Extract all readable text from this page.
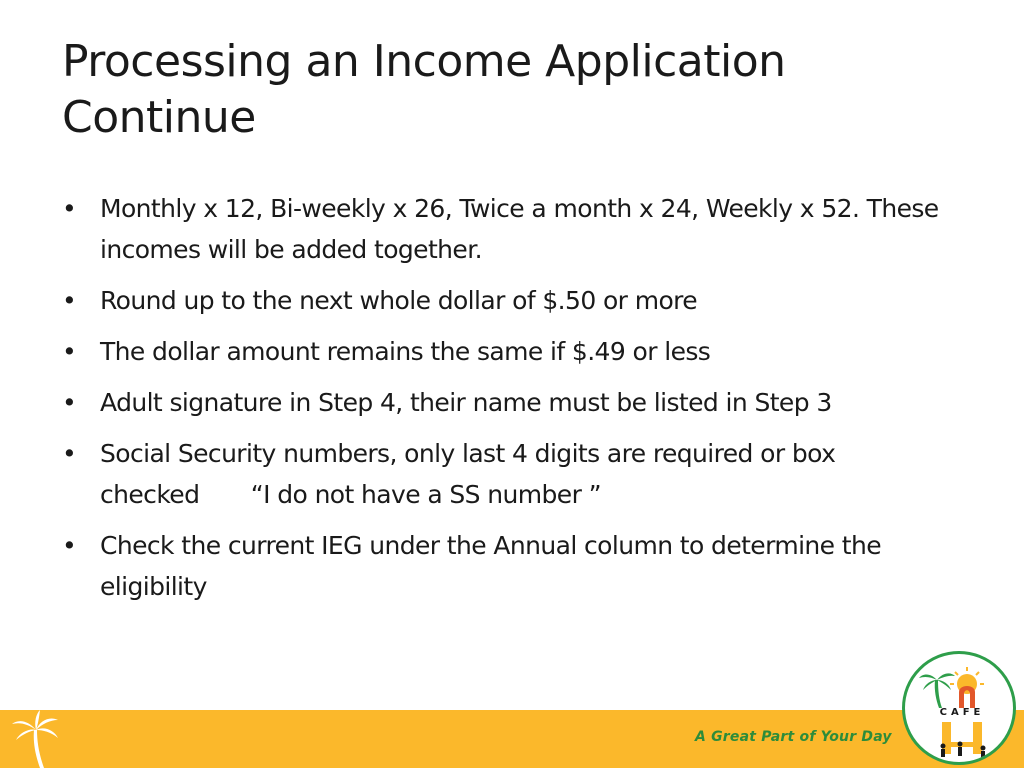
Processing an Income Application
Continue
• Monthly x 12, Bi-weekly x 26, Twice a month x 24, Weekly x 52. These incomes will be added together.
• Round up to the next whole dollar of $.50 or more
• The dollar amount remains the same if $.49 or less
• Adult signature in Step 4, their name must be listed in Step 3
• Social Security numbers, only last 4 digits are required or box checked       “I do not have a SS number ”
• Check the current IEG under the Annual column to determine the eligibility
A Great Part of Your Day
CAFE
